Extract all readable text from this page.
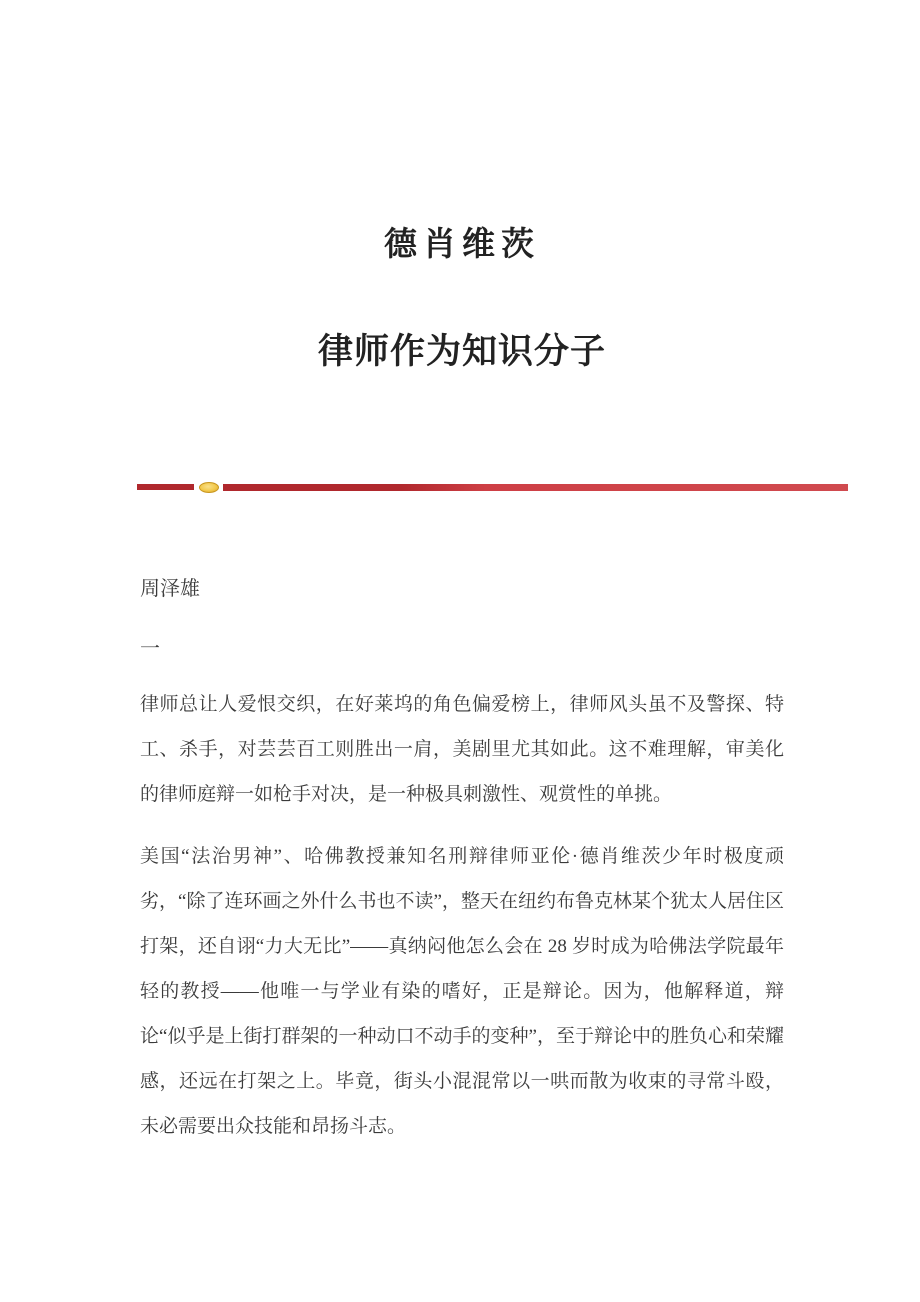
德肖维茨
律师作为知识分子
周泽雄
一

律师总让人爱恨交织，在好莱坞的角色偏爱榜上，律师风头虽不及警探、特工、杀手，对芸芸百工则胜出一肩，美剧里尤其如此。这不难理解，审美化的律师庭辩一如枪手对决，是一种极具刺激性、观赏性的单挑。

美国“法治男神”、哈佛教授兼知名刑辩律师亚伦·德肖维茨少年时极度顽劣，“除了连环画之外什么书也不读”，整天在纽约布鲁克林某个犹太人居住区打架，还自诩“力大无比”——真纳闷他怎么会在 28 岁时成为哈佛法学院最年轻的教授——他唯一与学业有染的嗜好，正是辩论。因为，他解释道，辩论“似乎是上街打群架的一种动口不动手的变种”，至于辩论中的胜负心和荣耀感，还远在打架之上。毕竟，街头小混混常以一哄而散为收束的寻常斗殴，未必需要出众技能和昂扬斗志。
